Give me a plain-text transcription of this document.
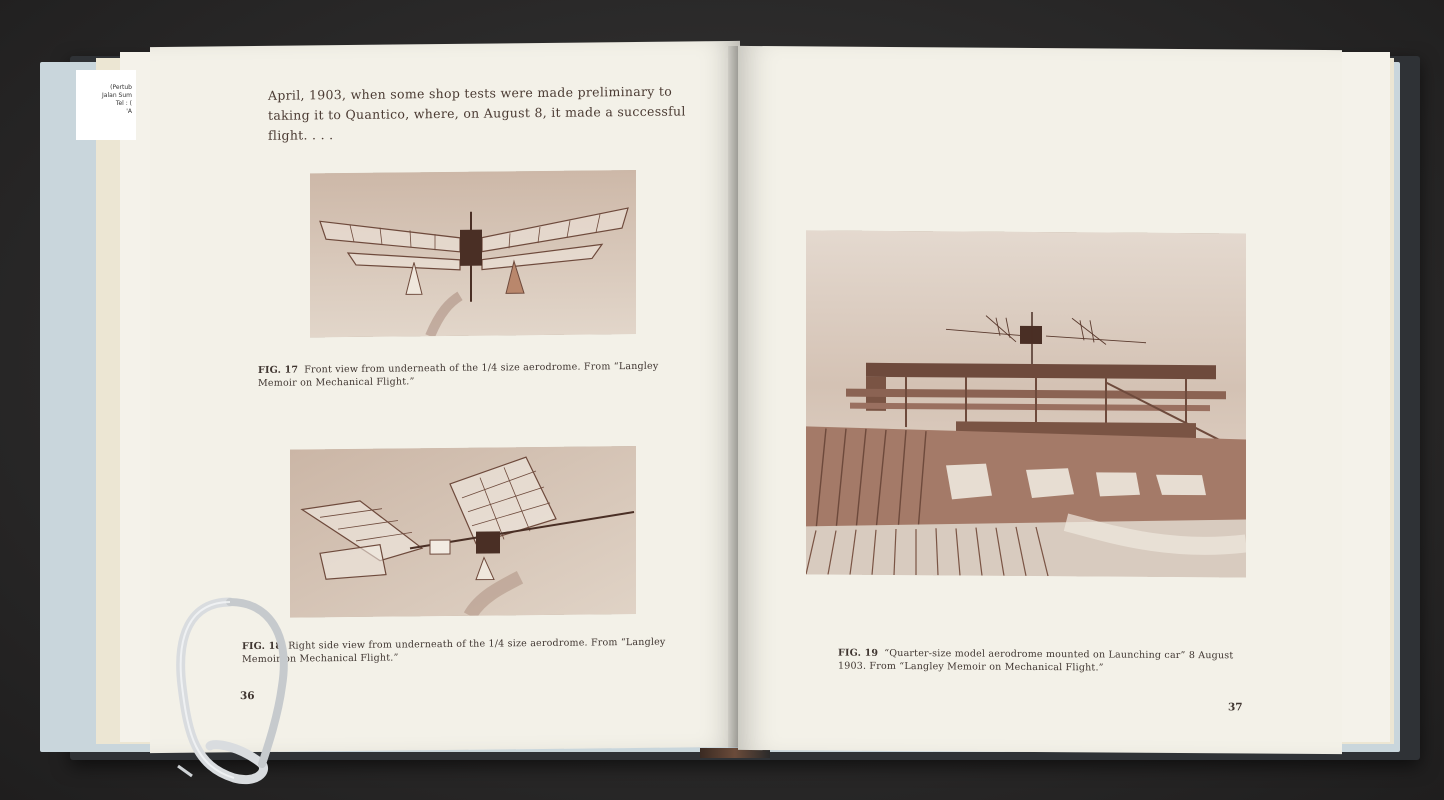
(Pertub
Jalan Sum
Tel : (
'A
April, 1903, when some shop tests were made preliminary to taking it to Quantico, where, on August 8, it made a successful flight. . . .
FIG. 17 Front view from underneath of the 1/4 size aerodrome. From “Langley Memoir on Mechanical Flight.”
FIG. 18 Right side view from underneath of the 1/4 size aerodrome. From “Langley Memoir on Mechanical Flight.”
36
FIG. 19 “Quarter-size model aerodrome mounted on Launching car” 8 August 1903. From “Langley Memoir on Mechanical Flight.”
37
